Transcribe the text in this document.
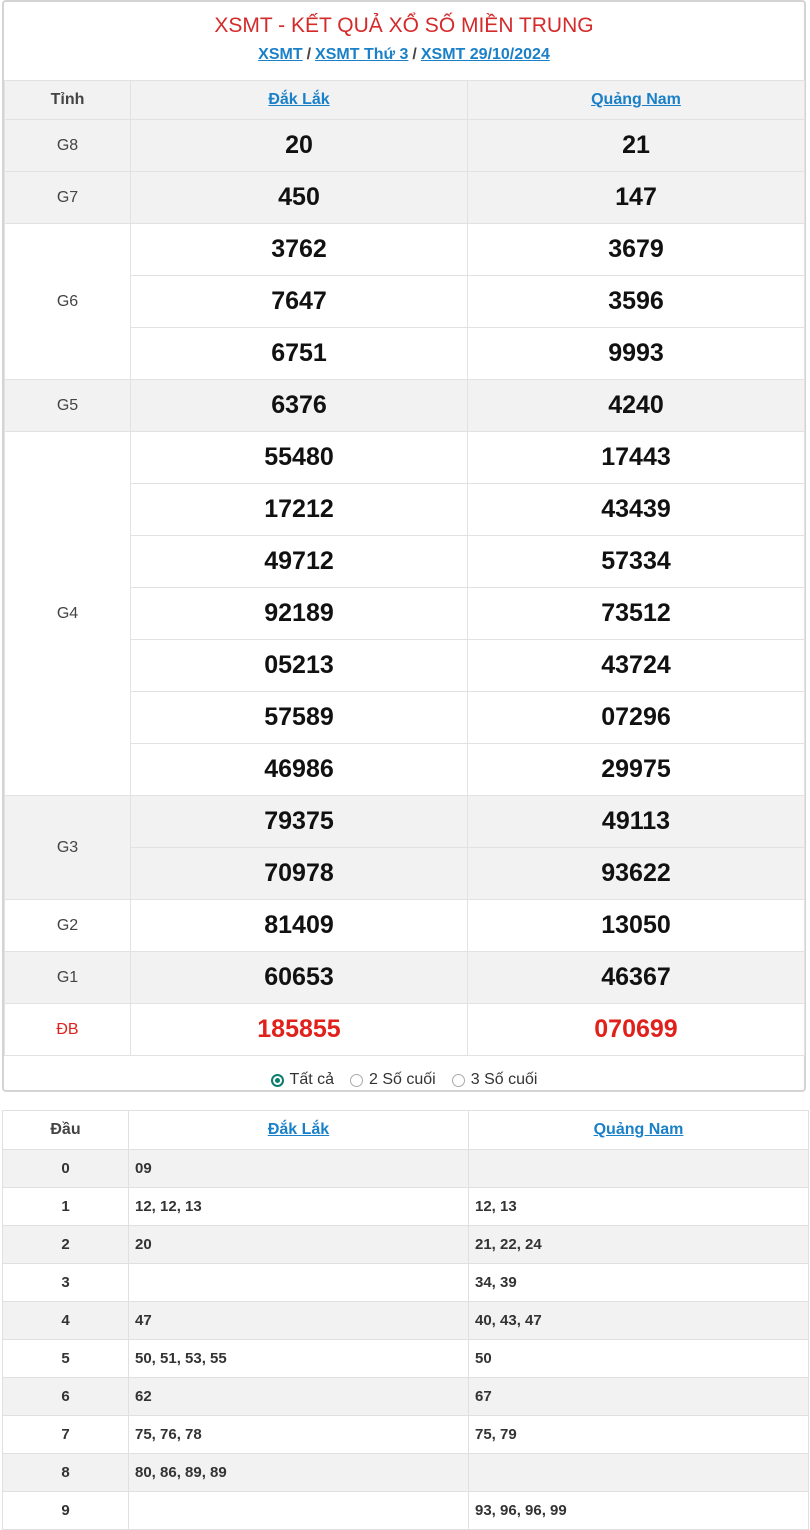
XSMT - KẾT QUẢ XỔ SỐ MIỀN TRUNG
XSMT / XSMT Thứ 3 / XSMT 29/10/2024
Tỉnh	Đắk Lắk	Quảng Nam
G8	20	21
G7	450	147
G6	3762	3679
	7647	3596
	6751	9993
G5	6376	4240
G4	55480	17443
	17212	43439
	49712	57334
	92189	73512
	05213	43724
	57589	07296
	46986	29975
G3	79375	49113
	70978	93622
G2	81409	13050
G1	60653	46367
ĐB	185855	070699
Tất cả 2 Số cuối 3 Số cuối
Đầu	Đắk Lắk	Quảng Nam
0	09	
1	12, 12, 13	12, 13
2	20	21, 22, 24
3		34, 39
4	47	40, 43, 47
5	50, 51, 53, 55	50
6	62	67
7	75, 76, 78	75, 79
8	80, 86, 89, 89	
9		93, 96, 96, 99
